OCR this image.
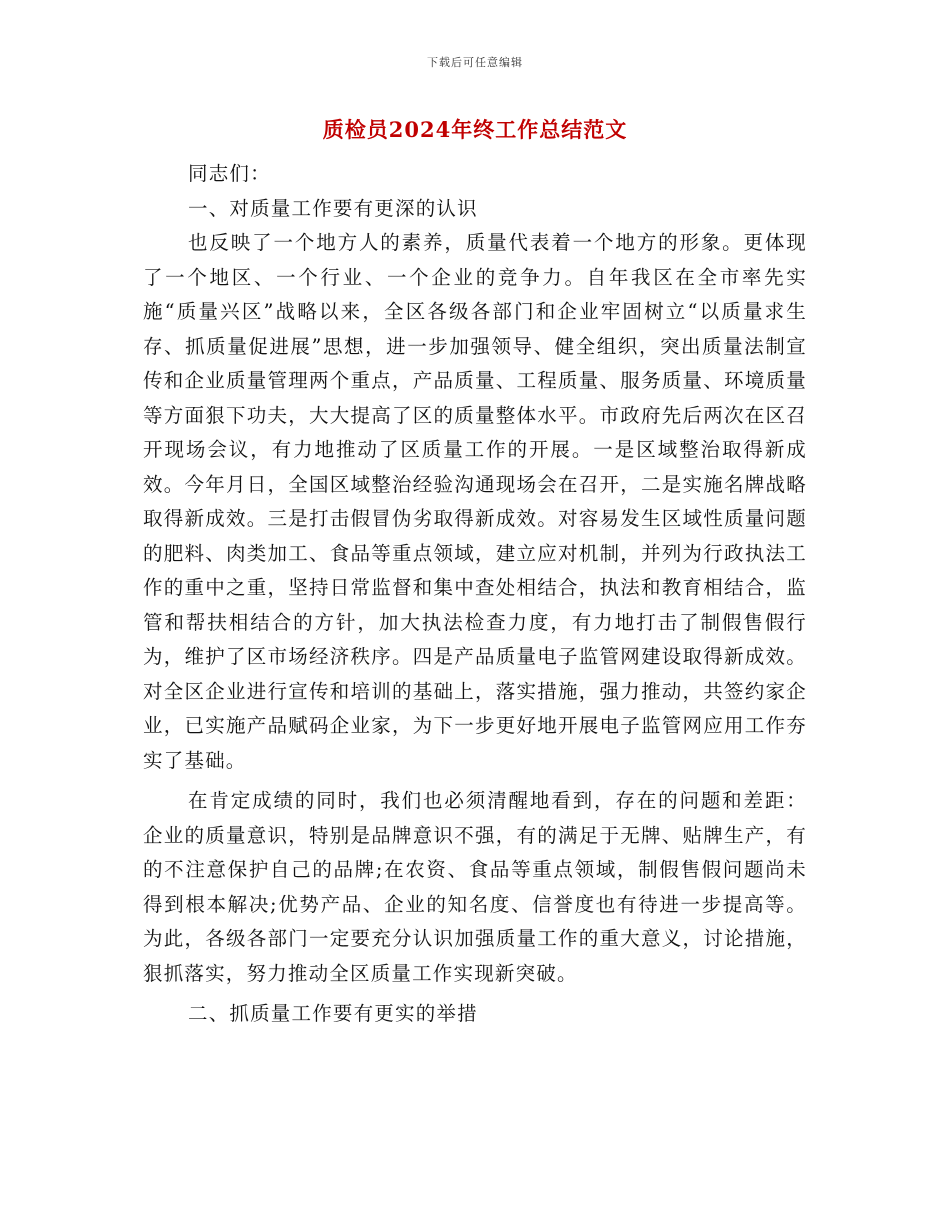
下载后可任意编辑
质检员2024年终工作总结范文

同志们：

一、对质量工作要有更深的认识

也反映了一个地方人的素养，质量代表着一个地方的形象。更体现了一个地区、一个行业、一个企业的竞争力。自年我区在全市率先实施“质量兴区”战略以来，全区各级各部门和企业牢固树立“以质量求生存、抓质量促进展”思想，进一步加强领导、健全组织，突出质量法制宣传和企业质量管理两个重点，产品质量、工程质量、服务质量、环境质量等方面狠下功夫，大大提高了区的质量整体水平。市政府先后两次在区召开现场会议，有力地推动了区质量工作的开展。一是区域整治取得新成效。今年月日，全国区域整治经验沟通现场会在召开，二是实施名牌战略取得新成效。三是打击假冒伪劣取得新成效。对容易发生区域性质量问题的肥料、肉类加工、食品等重点领域，建立应对机制，并列为行政执法工作的重中之重，坚持日常监督和集中查处相结合，执法和教育相结合，监管和帮扶相结合的方针，加大执法检查力度，有力地打击了制假售假行为，维护了区市场经济秩序。四是产品质量电子监管网建设取得新成效。对全区企业进行宣传和培训的基础上，落实措施，强力推动，共签约家企业，已实施产品赋码企业家，为下一步更好地开展电子监管网应用工作夯实了基础。

在肯定成绩的同时，我们也必须清醒地看到，存在的问题和差距：企业的质量意识，特别是品牌意识不强，有的满足于无牌、贴牌生产，有的不注意保护自己的品牌;在农资、食品等重点领域，制假售假问题尚未得到根本解决;优势产品、企业的知名度、信誉度也有待进一步提高等。为此，各级各部门一定要充分认识加强质量工作的重大意义，讨论措施，狠抓落实，努力推动全区质量工作实现新突破。

二、抓质量工作要有更实的举措
